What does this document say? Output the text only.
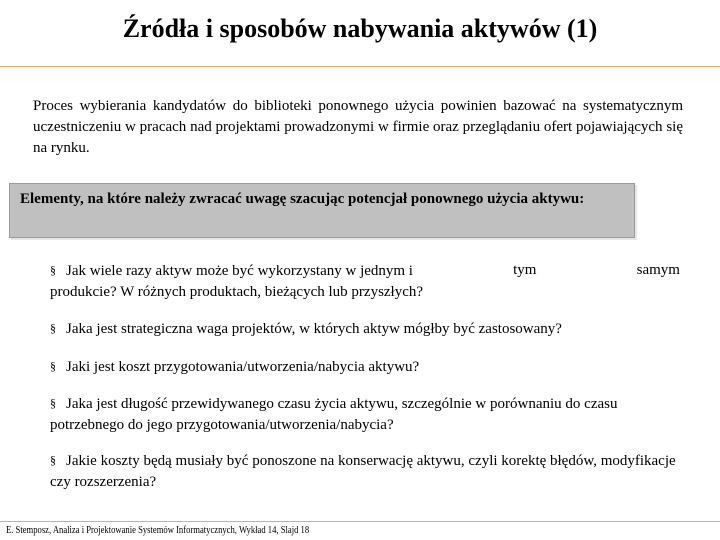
Źródła i sposobów nabywania aktywów (1)
Proces wybierania kandydatów do biblioteki ponownego użycia powinien bazować na systematycznym uczestniczeniu w pracach nad projektami prowadzonymi w firmie oraz przeglądaniu ofert pojawiających się na rynku.
Elementy, na które należy zwracać uwagę szacując potencjał ponownego użycia aktywu:
§ Jak wiele razy aktyw może być wykorzystany w jednym i	tym	samym
produkcie? W różnych produktach, bieżących lub przyszłych?
§ Jaka jest strategiczna waga projektów, w których aktyw mógłby być zastosowany?
§ Jaki jest koszt przygotowania/utworzenia/nabycia aktywu?
§ Jaka jest długość przewidywanego czasu życia aktywu, szczególnie w porównaniu do czasu potrzebnego do jego przygotowania/utworzenia/nabycia?
§ Jakie koszty będą musiały być ponoszone na konserwację aktywu, czyli korektę błędów, modyfikacje czy rozszerzenia?
E. Stemposz, Analiza i Projektowanie Systemów Informatycznych, Wykład 14, Slajd 18
